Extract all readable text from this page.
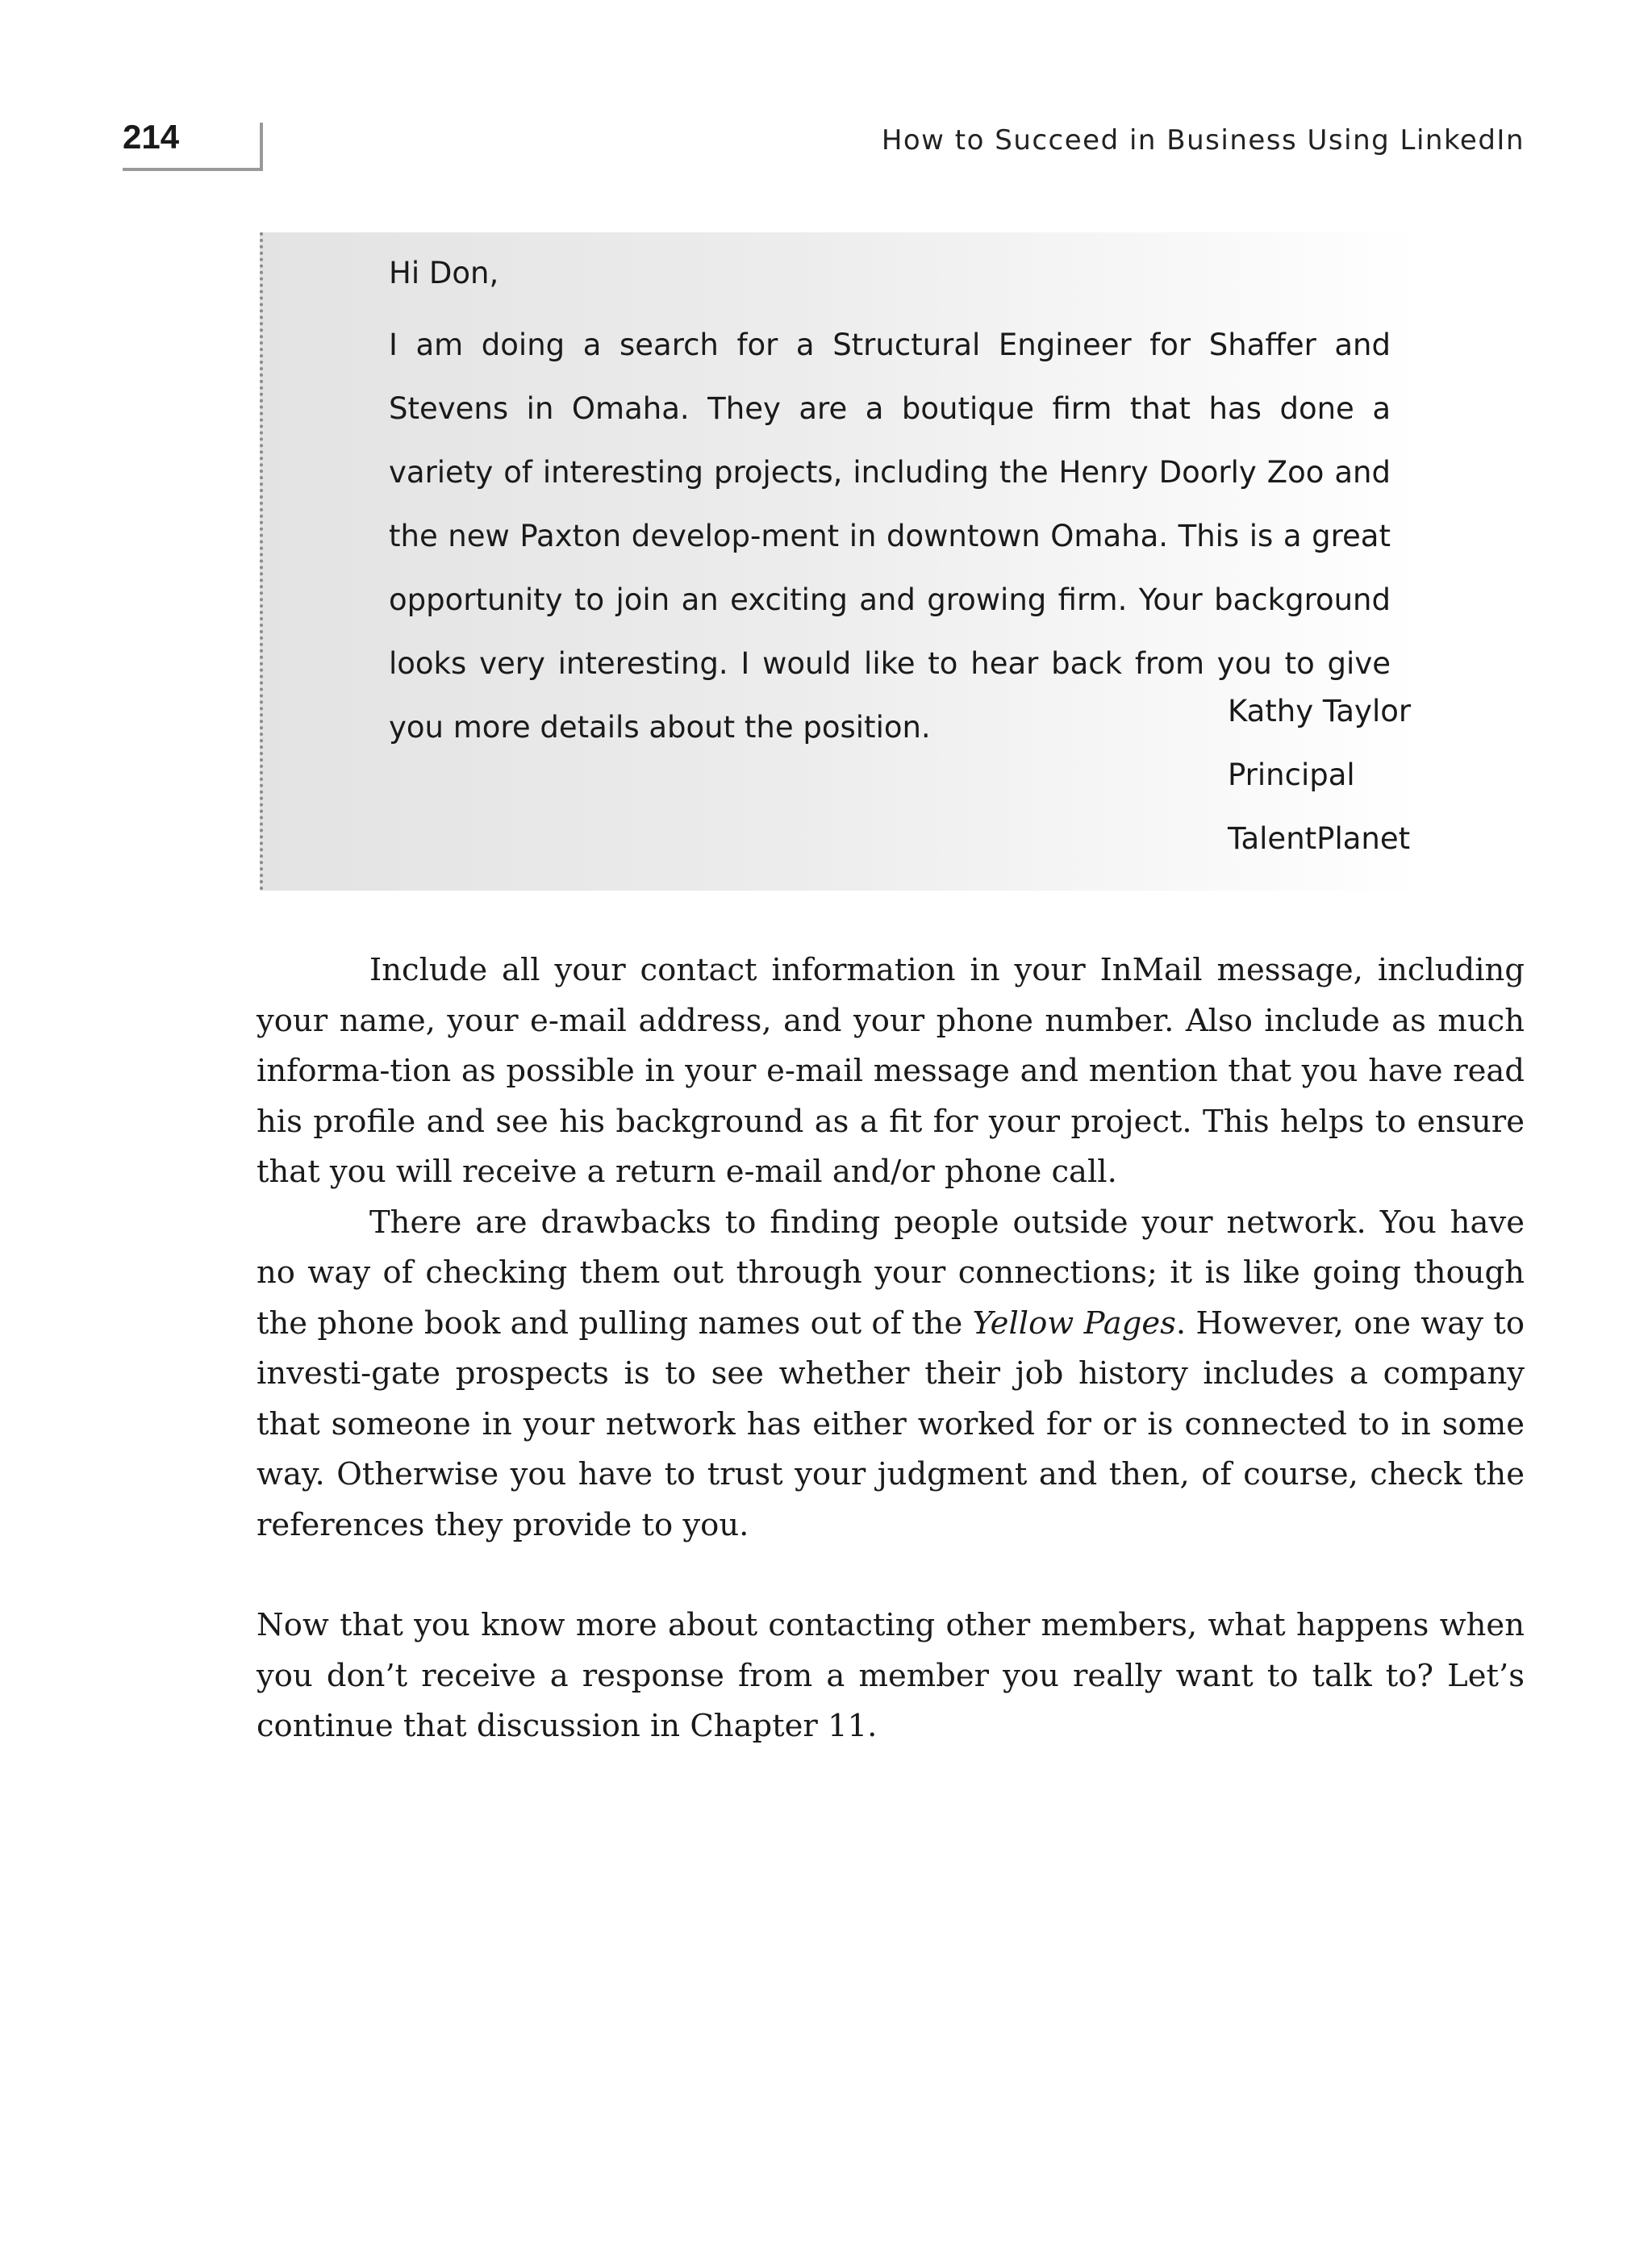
214	How to Succeed in Business Using LinkedIn

Hi Don,

I am doing a search for a Structural Engineer for Shaffer and Stevens in Omaha. They are a boutique firm that has done a variety of interesting projects, including the Henry Doorly Zoo and the new Paxton develop-ment in downtown Omaha. This is a great opportunity to join an exciting and growing firm. Your background looks very interesting. I would like to hear back from you to give you more details about the position.	Kathy Taylor
Principal
TalentPlanet

Include all your contact information in your InMail message, including your name, your e-mail address, and your phone number. Also include as much informa-tion as possible in your e-mail message and mention that you have read his profile and see his background as a fit for your project. This helps to ensure that you will receive a return e-mail and/or phone call.

There are drawbacks to finding people outside your network. You have no way of checking them out through your connections; it is like going though the phone book and pulling names out of the Yellow Pages. However, one way to investi-gate prospects is to see whether their job history includes a company that someone in your network has either worked for or is connected to in some way. Otherwise you have to trust your judgment and then, of course, check the references they provide to you.

Now that you know more about contacting other members, what happens when you don’t receive a response from a member you really want to talk to? Let’s continue that discussion in Chapter 11.
